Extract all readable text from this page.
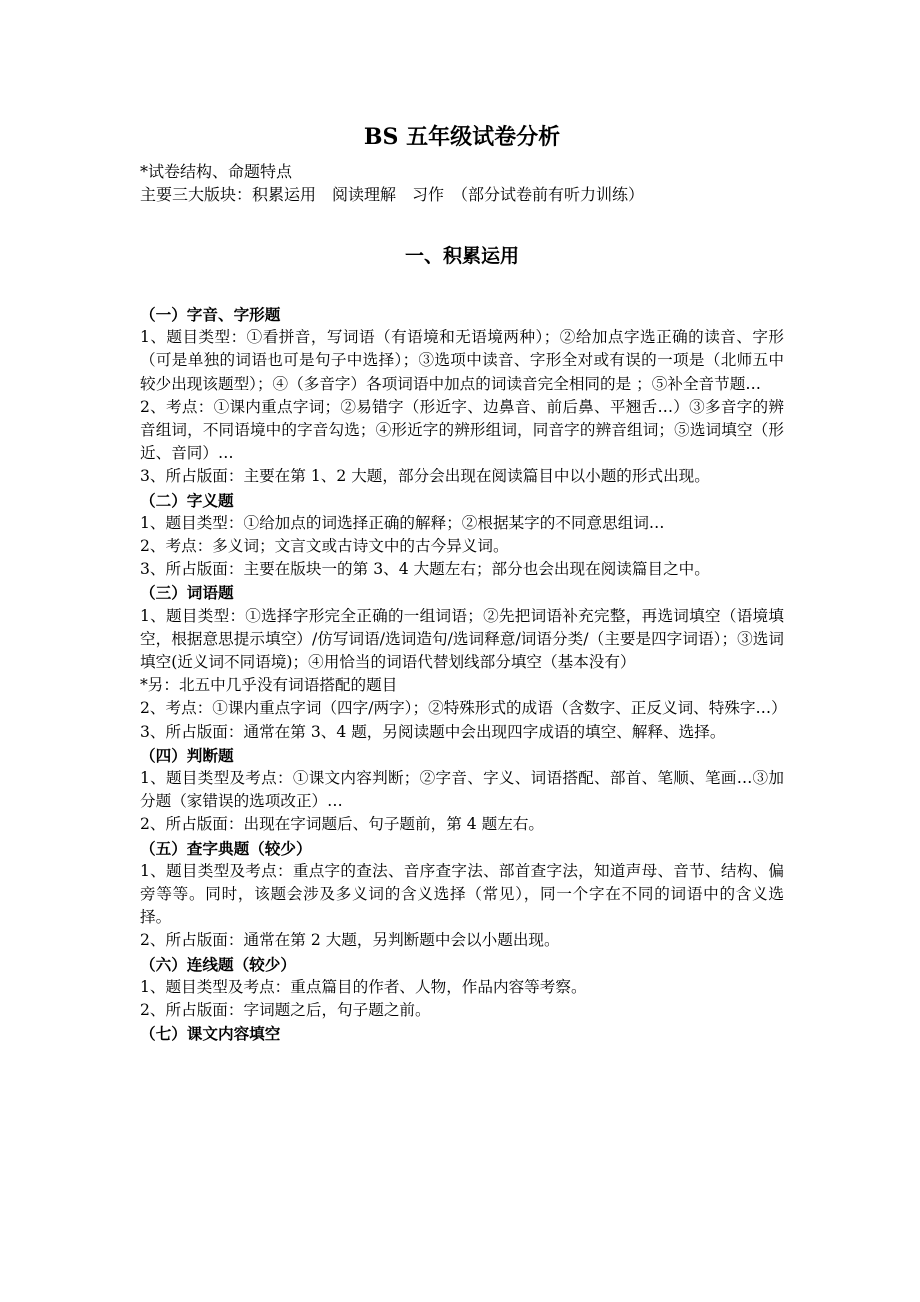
BS 五年级试卷分析

*试卷结构、命题特点

主要三大版块：积累运用　阅读理解　习作　（部分试卷前有听力训练）

一、积累运用

（一）字音、字形题

1、题目类型：①看拼音，写词语（有语境和无语境两种）；②给加点字选正确的读音、字形（可是单独的词语也可是句子中选择）；③选项中读音、字形全对或有误的一项是（北师五中较少出现该题型）；④（多音字）各项词语中加点的词读音完全相同的是 ；⑤补全音节题…

2、考点：①课内重点字词；②易错字（形近字、边鼻音、前后鼻、平翘舌…）③多音字的辨音组词，不同语境中的字音勾选；④形近字的辨形组词，同音字的辨音组词；⑤选词填空（形近、音同）…

3、所占版面：主要在第 1、2 大题，部分会出现在阅读篇目中以小题的形式出现。

（二）字义题

1、题目类型：①给加点的词选择正确的解释；②根据某字的不同意思组词…

2、考点：多义词；文言文或古诗文中的古今异义词。

3、所占版面：主要在版块一的第 3、4 大题左右；部分也会出现在阅读篇目之中。

（三）词语题

1、题目类型：①选择字形完全正确的一组词语；②先把词语补充完整，再选词填空（语境填空，根据意思提示填空）/仿写词语/选词造句/选词释意/词语分类/（主要是四字词语）；③选词填空(近义词不同语境)；④用恰当的词语代替划线部分填空（基本没有）

*另：北五中几乎没有词语搭配的题目

2、考点：①课内重点字词（四字/两字）；②特殊形式的成语（含数字、正反义词、特殊字…）

3、所占版面：通常在第 3、4 题，另阅读题中会出现四字成语的填空、解释、选择。

（四）判断题

1、题目类型及考点：①课文内容判断；②字音、字义、词语搭配、部首、笔顺、笔画…③加分题（家错误的选项改正）…

2、所占版面：出现在字词题后、句子题前，第 4 题左右。

（五）查字典题（较少）

1、题目类型及考点：重点字的查法、音序查字法、部首查字法，知道声母、音节、结构、偏旁等等。同时，该题会涉及多义词的含义选择（常见），同一个字在不同的词语中的含义选择。

2、所占版面：通常在第 2 大题，另判断题中会以小题出现。

（六）连线题（较少）

1、题目类型及考点：重点篇目的作者、人物，作品内容等考察。

2、所占版面：字词题之后，句子题之前。

（七）课文内容填空
